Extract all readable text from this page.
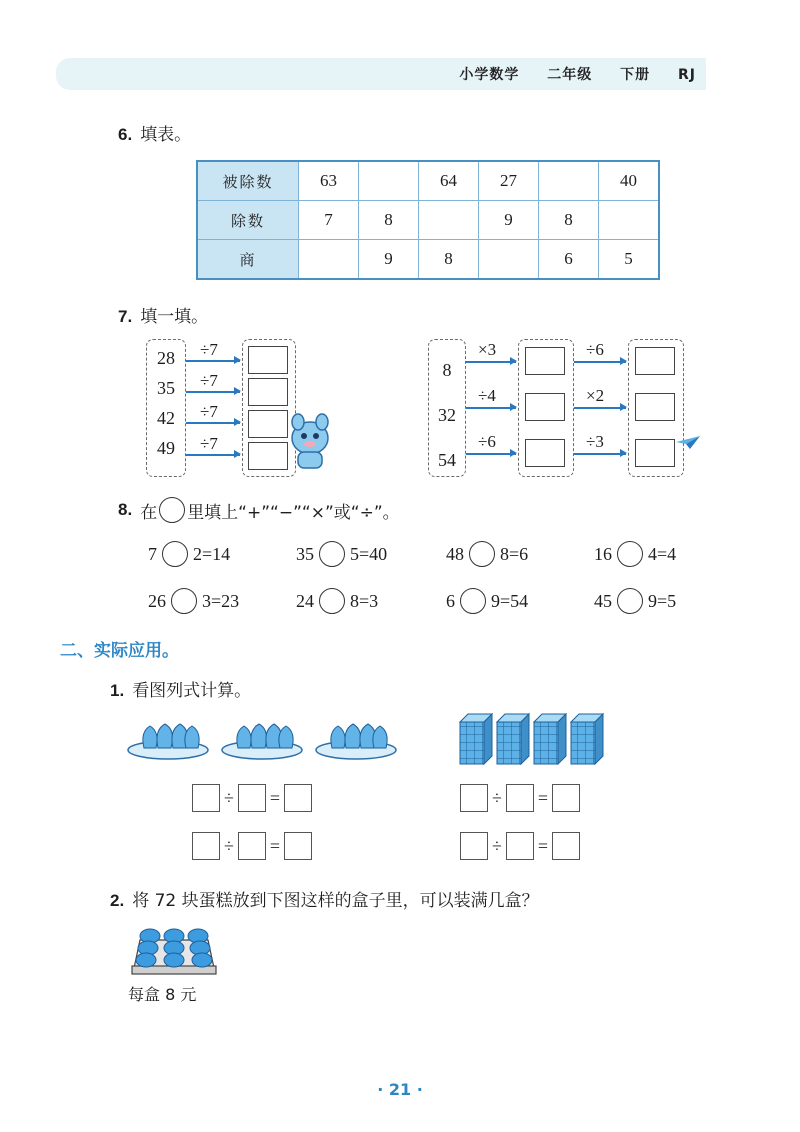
小学数学 二年级 下册 RJ
6. 填表。
被除数	63		64	27		40
除数	7	8		9	8	
商		9	8		6	5
7. 填一填。
28
35
42
49
÷7
÷7
÷7
÷7
8
32
54
×3
÷4
÷6
÷6
×2
÷3
8. 在 里填上“+”“−”“×”或“÷”。
7 2 =14	35 5 =40	48 8 =6	16 4 =4
26 3 =23	24 8 =3	6 9 =54	45 9 =5
二、实际应用。
1. 看图列式计算。
÷ =
÷ =
÷ =
÷ =
2. 将 72 块蛋糕放到下图这样的盒子里，可以装满几盒？
每盒 8 元
· 21 ·
